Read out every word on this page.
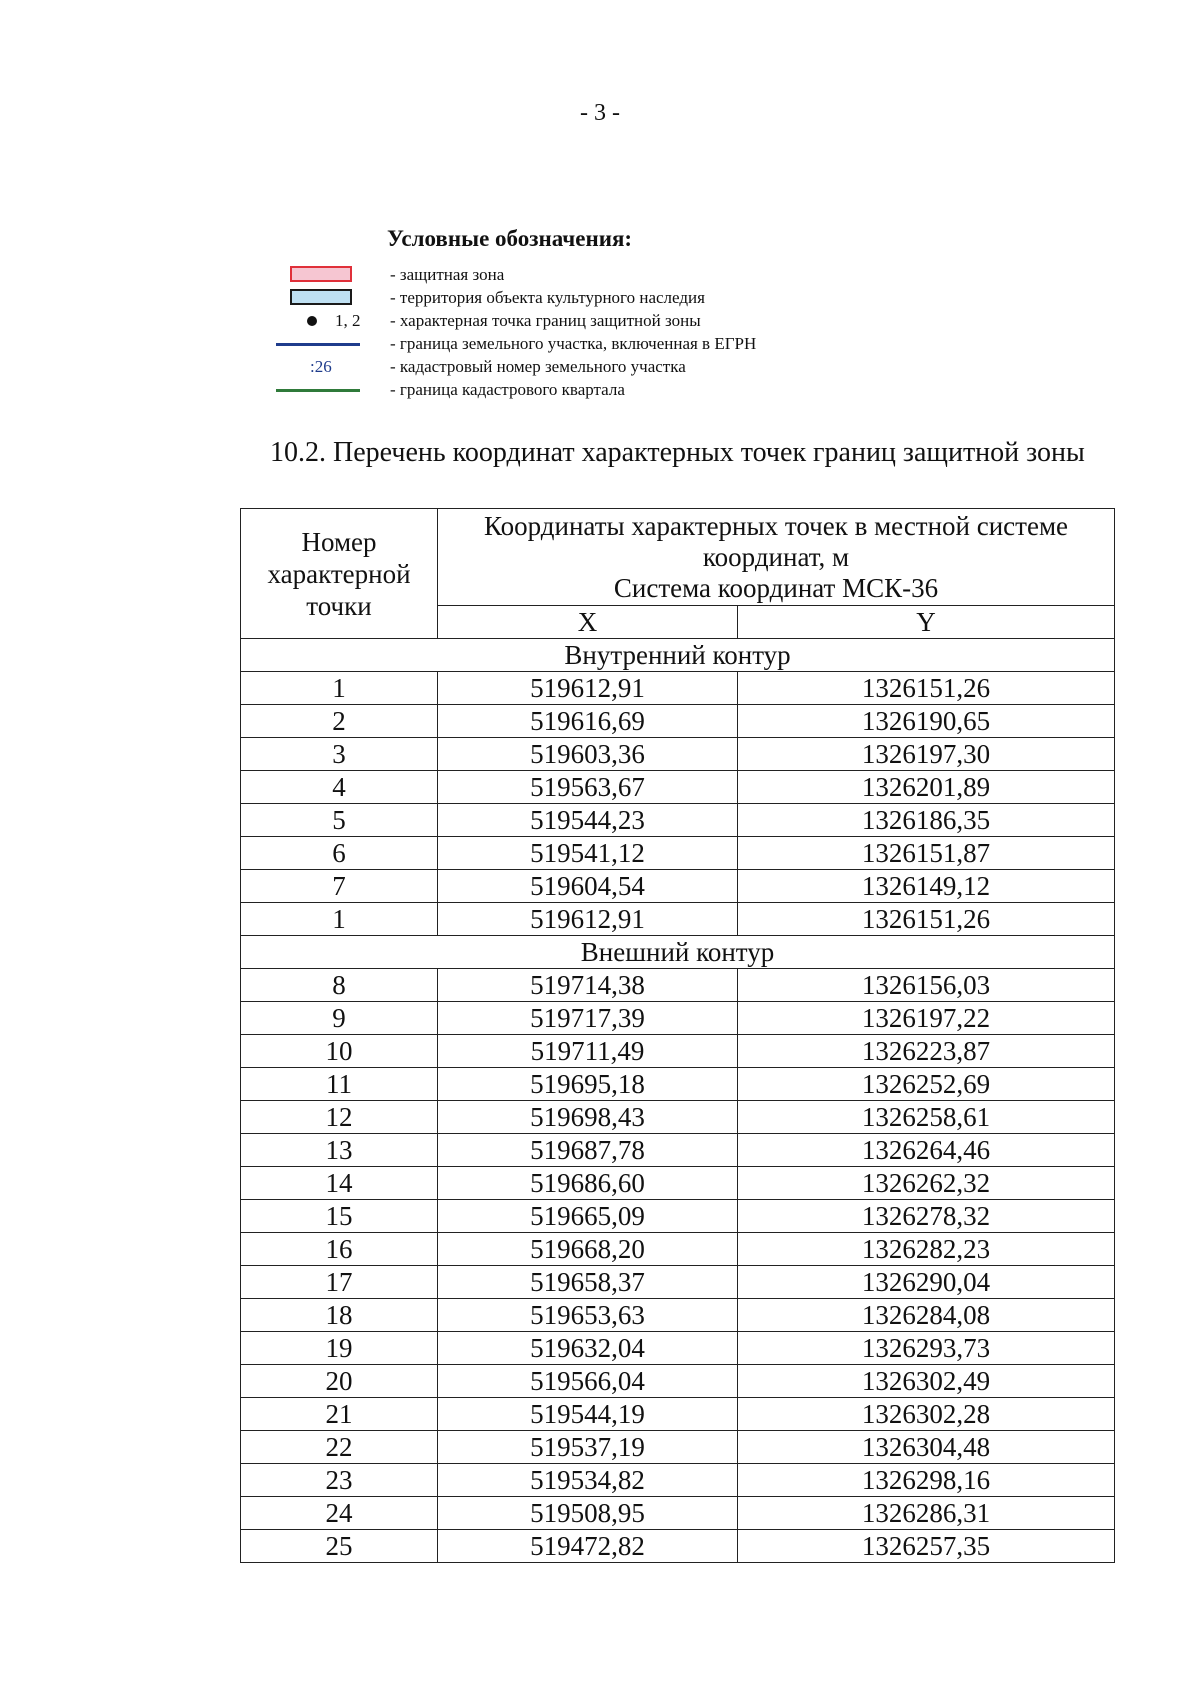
- 3 -
Условные обозначения:
- защитная зона
- территория объекта культурного наследия
1, 2 - характерная точка границ защитной зоны
- граница земельного участка, включенная в ЕГРН
:26	- кадастровый номер земельного участка
- граница кадастрового квартала
10.2. Перечень координат характерных точек границ защитной зоны
Номер характерной точки	Координаты характерных точек в местной системе координат, м
Система координат МСК-36	

	X	Y
Внутренний контур		
1	519612,91	1326151,26
2	519616,69	1326190,65
3	519603,36	1326197,30
4	519563,67	1326201,89
5	519544,23	1326186,35
6	519541,12	1326151,87
7	519604,54	1326149,12
1	519612,91	1326151,26
Внешний контур		
8	519714,38	1326156,03
9	519717,39	1326197,22
10	519711,49	1326223,87
11	519695,18	1326252,69
12	519698,43	1326258,61
13	519687,78	1326264,46
14	519686,60	1326262,32
15	519665,09	1326278,32
16	519668,20	1326282,23
17	519658,37	1326290,04
18	519653,63	1326284,08
19	519632,04	1326293,73
20	519566,04	1326302,49
21	519544,19	1326302,28
22	519537,19	1326304,48
23	519534,82	1326298,16
24	519508,95	1326286,31
25	519472,82	1326257,35
